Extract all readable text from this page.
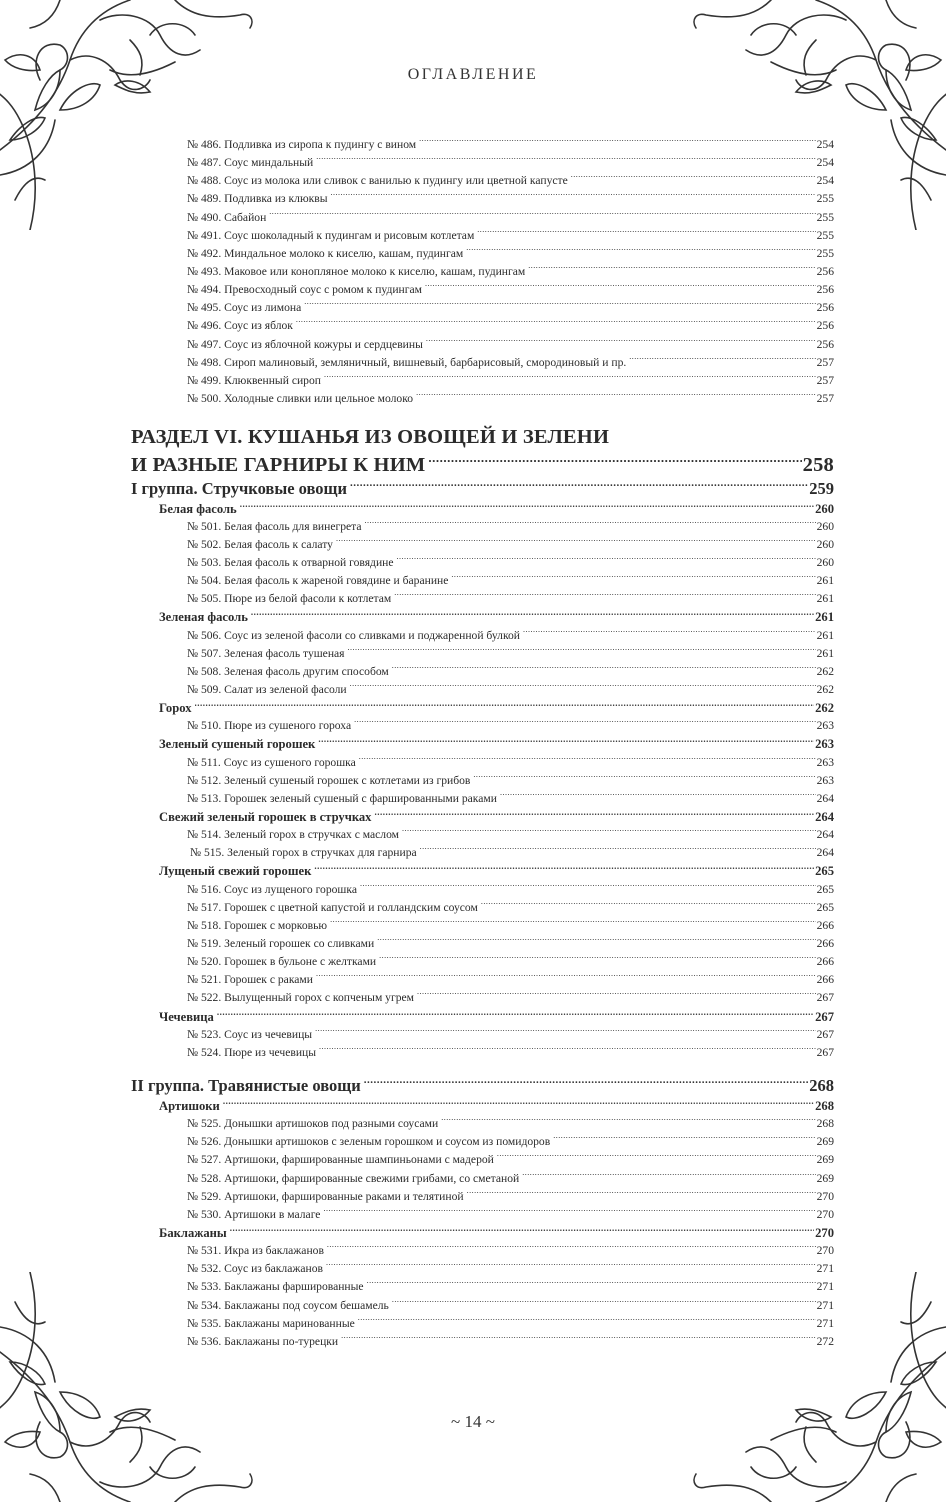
ОГЛАВЛЕНИЕ
№ 486. Подливка из сиропа к пудингу с вином .....	254
№ 487. Соус миндальный .....	254
№ 488. Соус из молока или сливок с ванилью к пудингу или цветной капусте .....	254
№ 489. Подливка из клюквы .....	255
№ 490. Сабайон .....	255
№ 491. Соус шоколадный к пудингам и рисовым котлетам .....	255
№ 492. Миндальное молоко к киселю, кашам, пудингам .....	255
№ 493. Маковое или конопляное молоко к киселю, кашам, пудингам .....	256
№ 494. Превосходный соус с ромом к пудингам .....	256
№ 495. Соус из лимона .....	256
№ 496. Соус из яблок .....	256
№ 497. Соус из яблочной кожуры и сердцевины .....	256
№ 498. Сироп малиновый, земляничный, вишневый, барбарисовый, смородиновый и пр. .....	257
№ 499. Клюквенный сироп .....	257
№ 500. Холодные сливки или цельное молоко .....	257
РАЗДЕЛ VI. КУШАНЬЯ ИЗ ОВОЩЕЙ И ЗЕЛЕНИ
И РАЗНЫЕ ГАРНИРЫ К НИМ .....	258
I группа. Стручковые овощи .....	259
Белая фасоль .....	260
№ 501. Белая фасоль для винегрета .....	260
№ 502. Белая фасоль к салату .....	260
№ 503. Белая фасоль к отварной говядине .....	260
№ 504. Белая фасоль к жареной говядине и баранине .....	261
№ 505. Пюре из белой фасоли к котлетам .....	261
Зеленая фасоль .....	261
№ 506. Соус из зеленой фасоли со сливками и поджаренной булкой .....	261
№ 507. Зеленая фасоль тушеная .....	261
№ 508. Зеленая фасоль другим способом .....	262
№ 509. Салат из зеленой фасоли .....	262
Горох .....	262
№ 510. Пюре из сушеного гороха .....	263
Зеленый сушеный горошек .....	263
№ 511. Соус из сушеного горошка .....	263
№ 512. Зеленый сушеный горошек с котлетами из грибов .....	263
№ 513. Горошек зеленый сушеный с фаршированными раками .....	264
Свежий зеленый горошек в стручках .....	264
№ 514. Зеленый горох в стручках с маслом .....	264
№ 515. Зеленый горох в стручках для гарнира .....	264
Лущеный свежий горошек .....	265
№ 516. Соус из лущеного горошка .....	265
№ 517. Горошек с цветной капустой и голландским соусом .....	265
№ 518. Горошек с морковью .....	266
№ 519. Зеленый горошек со сливками .....	266
№ 520. Горошек в бульоне с желтками .....	266
№ 521. Горошек с раками .....	266
№ 522. Вылущенный горох с копченым угрем .....	267
Чечевица .....	267
№ 523. Соус из чечевицы .....	267
№ 524. Пюре из чечевицы .....	267
II группа. Травянистые овощи .....	268
Артишоки .....	268
№ 525. Донышки артишоков под разными соусами .....	268
№ 526. Донышки артишоков с зеленым горошком и соусом из помидоров .....	269
№ 527. Артишоки, фаршированные шампиньонами с мадерой .....	269
№ 528. Артишоки, фаршированные свежими грибами, со сметаной .....	269
№ 529. Артишоки, фаршированные раками и телятиной .....	270
№ 530. Артишоки в малаге .....	270
Баклажаны .....	270
№ 531. Икра из баклажанов .....	270
№ 532. Соус из баклажанов .....	271
№ 533. Баклажаны фаршированные .....	271
№ 534. Баклажаны под соусом бешамель .....	271
№ 535. Баклажаны маринованные .....	271
№ 536. Баклажаны по-турецки .....	272
~ 14 ~
